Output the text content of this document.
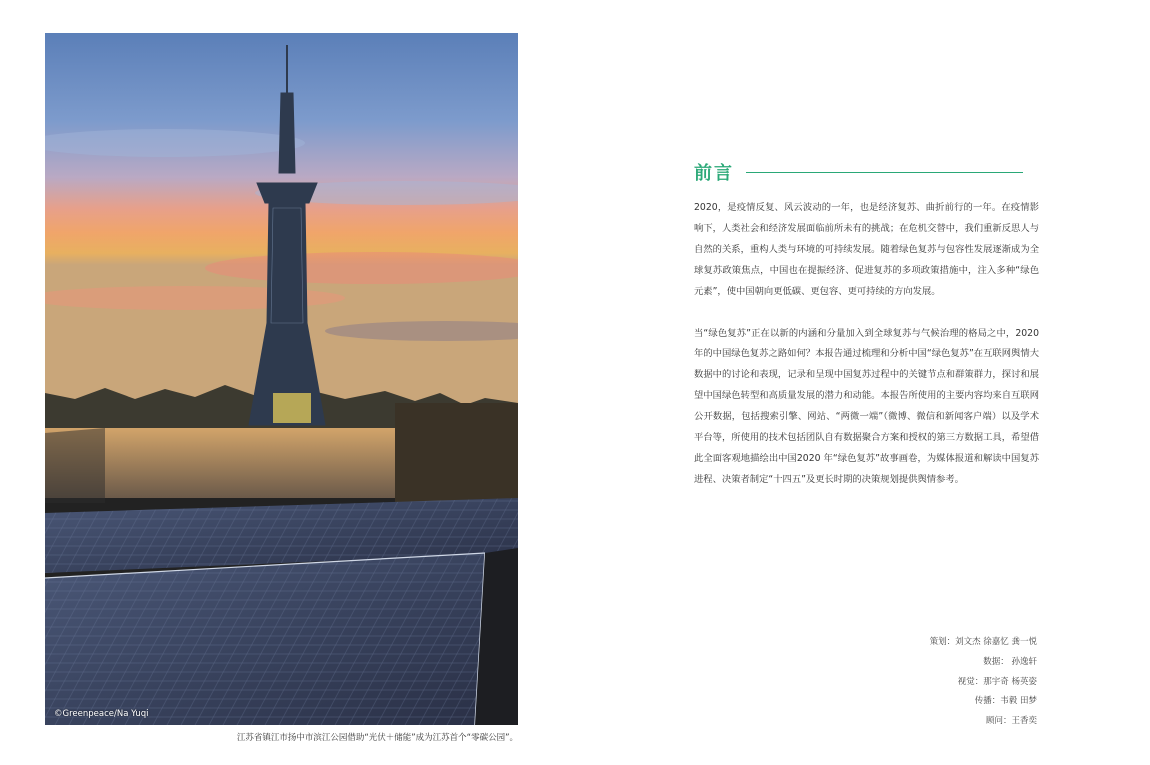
©Greenpeace/Na Yuqi
江苏省镇江市扬中市滨江公园借助“光伏＋储能”成为江苏首个“零碳公园”。
前言

2020，是疫情反复、风云波动的一年，也是经济复苏、曲折前行的一年。在疫情影响下，人类社会和经济发展面临前所未有的挑战；在危机交替中，我们重新反思人与自然的关系，重构人类与环境的可持续发展。随着绿色复苏与包容性发展逐渐成为全球复苏政策焦点，中国也在提振经济、促进复苏的多项政策措施中，注入多种“绿色元素”，使中国朝向更低碳、更包容、更可持续的方向发展。

当“绿色复苏”正在以新的内涵和分量加入到全球复苏与气候治理的格局之中，2020 年的中国绿色复苏之路如何？本报告通过梳理和分析中国“绿色复苏”在互联网舆情大数据中的讨论和表现，记录和呈现中国复苏过程中的关键节点和群策群力，探讨和展望中国绿色转型和高质量发展的潜力和动能。本报告所使用的主要内容均来自互联网公开数据，包括搜索引擎、网站、“两微一端”（微博、微信和新闻客户端）以及学术平台等，所使用的技术包括团队自有数据聚合方案和授权的第三方数据工具，希望借此全面客观地描绘出中国2020 年“绿色复苏”故事画卷，为媒体报道和解读中国复苏进程、决策者制定“十四五”及更长时期的决策规划提供舆情参考。

策划：刘文杰 徐嘉忆 龚一悦
数据： 孙逸轩
视觉：那宇奇 杨英姿
传播：韦毅 田梦
顾问：王香奕
